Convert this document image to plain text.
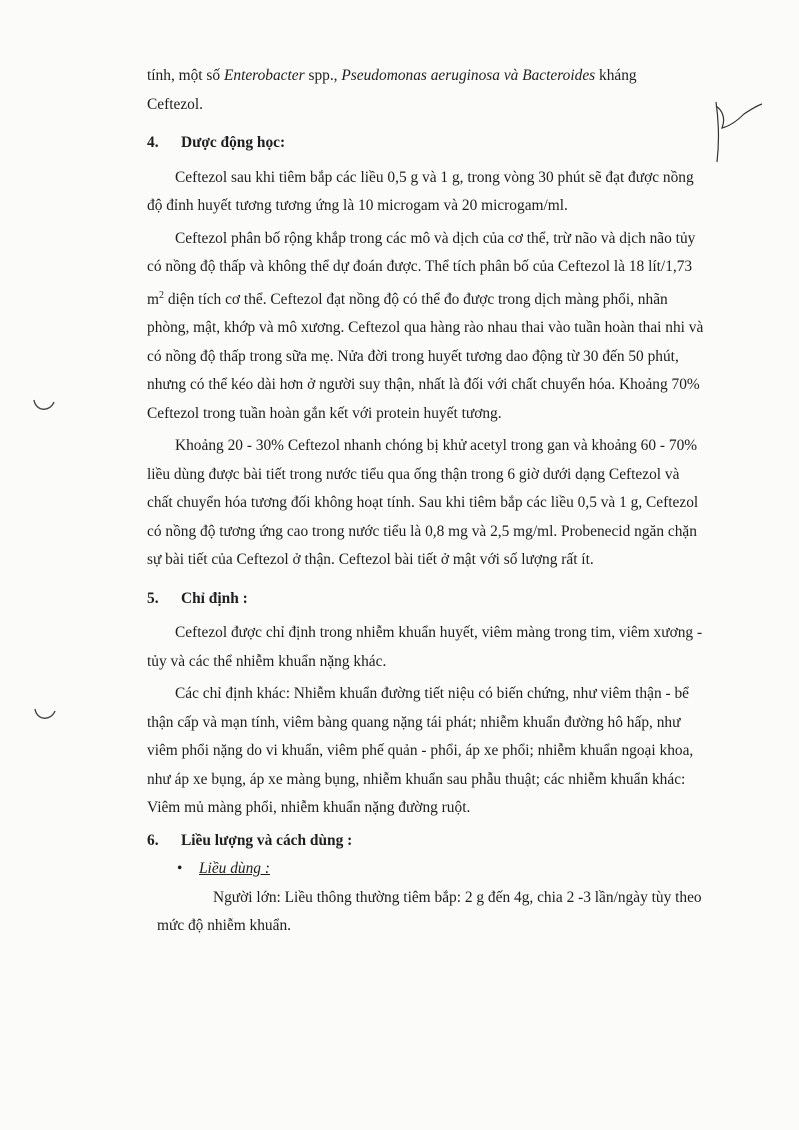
tính, một số Enterobacter spp., Pseudomonas aeruginosa và Bacteroides kháng
Ceftezol.

4.	Dược động học:

Ceftezol sau khi tiêm bắp các liều 0,5 g và 1 g, trong vòng 30 phút sẽ đạt được nồng độ đỉnh huyết tương tương ứng là 10 microgam và 20 microgam/ml.

Ceftezol phân bố rộng khắp trong các mô và dịch của cơ thể, trừ não và dịch não tủy có nồng độ thấp và không thể dự đoán được. Thể tích phân bố của Ceftezol là 18 lít/1,73 $m^2$ diện tích cơ thể. Ceftezol đạt nồng độ có thể đo được trong dịch màng phổi, nhãn phòng, mật, khớp và mô xương. Ceftezol qua hàng rào nhau thai vào tuần hoàn thai nhi và có nồng độ thấp trong sữa mẹ. Nửa đời trong huyết tương dao động từ 30 đến 50 phút, nhưng có thể kéo dài hơn ở người suy thận, nhất là đối với chất chuyển hóa. Khoảng 70% Ceftezol trong tuần hoàn gắn kết với protein huyết tương.

Khoảng 20 - 30% Ceftezol nhanh chóng bị khử acetyl trong gan và khoảng 60 - 70% liều dùng được bài tiết trong nước tiểu qua ống thận trong 6 giờ dưới dạng Ceftezol và chất chuyển hóa tương đối không hoạt tính. Sau khi tiêm bắp các liều 0,5 và 1 g, Ceftezol có nồng độ tương ứng cao trong nước tiểu là 0,8 mg và 2,5 mg/ml. Probenecid ngăn chặn sự bài tiết của Ceftezol ở thận. Ceftezol bài tiết ở mật với số lượng rất ít.

5.	Chỉ định :

Ceftezol được chỉ định trong nhiễm khuẩn huyết, viêm màng trong tim, viêm xương - tủy và các thể nhiễm khuẩn nặng khác.

Các chỉ định khác: Nhiễm khuẩn đường tiết niệu có biến chứng, như viêm thận - bể thận cấp và mạn tính, viêm bàng quang nặng tái phát; nhiễm khuẩn đường hô hấp, như viêm phổi nặng do vi khuẩn, viêm phế quản - phổi, áp xe phổi; nhiễm khuẩn ngoại khoa, như áp xe bụng, áp xe màng bụng, nhiễm khuẩn sau phẫu thuật; các nhiễm khuẩn khác: Viêm mủ màng phổi, nhiễm khuẩn nặng đường ruột.

6.	Liều lượng và cách dùng :

•	Liều dùng :

Người lớn: Liều thông thường tiêm bắp: 2 g đến 4g, chia 2 -3 lần/ngày tùy theo mức độ nhiễm khuẩn.
